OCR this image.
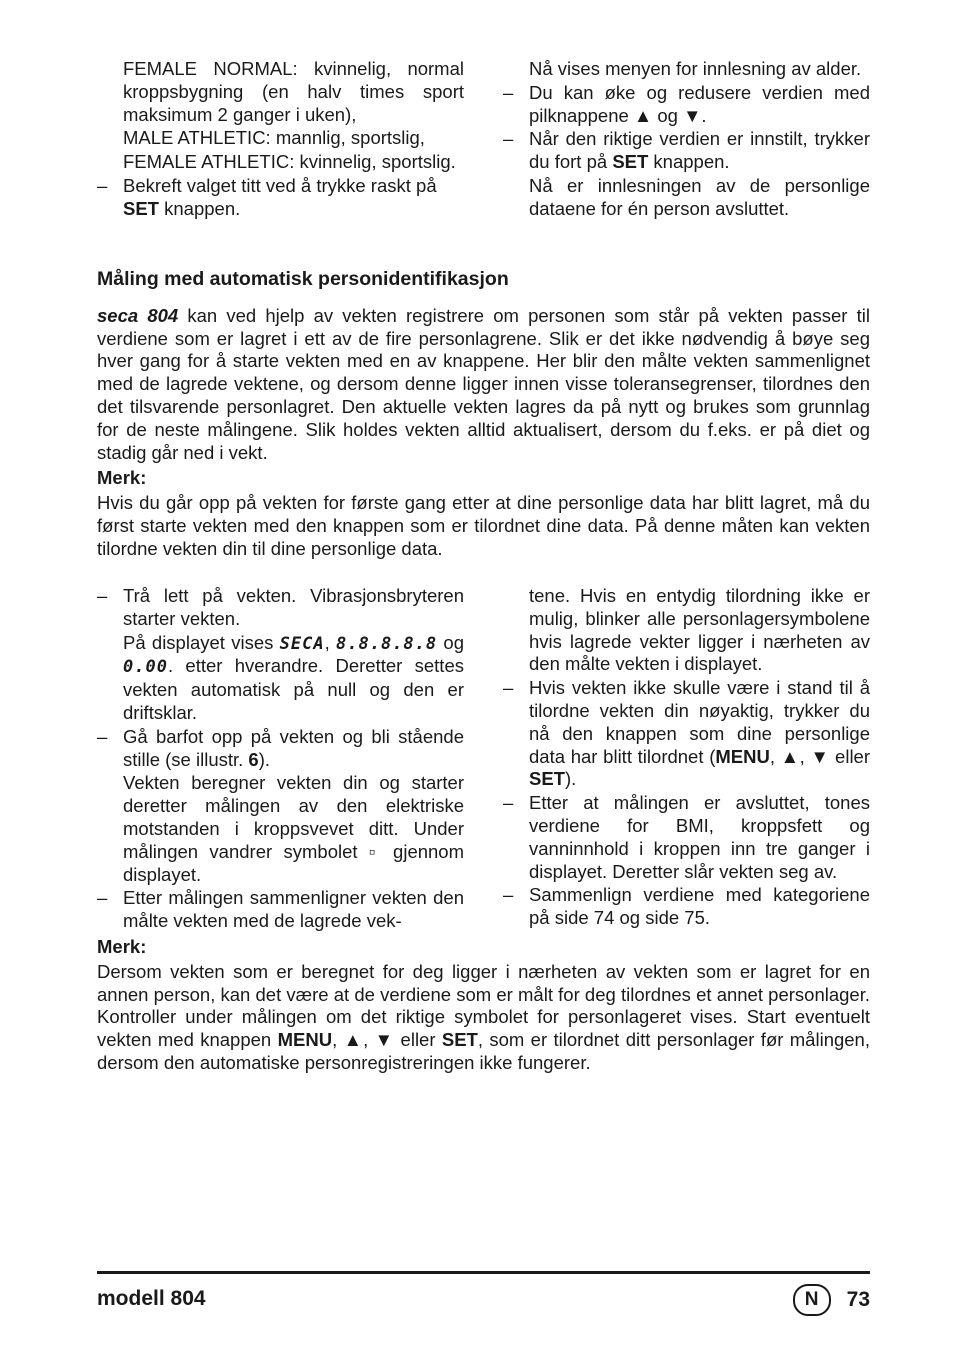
FEMALE NORMAL: kvinnelig, normal kroppsbygning (en halv times sport maksimum 2 ganger i uken),
MALE ATHLETIC: mannlig, sportslig,
FEMALE ATHLETIC: kvinnelig, sportslig.
– Bekreft valget titt ved å trykke raskt på SET knappen.
Nå vises menyen for innlesning av alder.
– Du kan øke og redusere verdien med pilknappene ▲ og ▼.
– Når den riktige verdien er innstilt, trykker du fort på SET knappen.
Nå er innlesningen av de personlige dataene for én person avsluttet.
Måling med automatisk personidentifikasjon
seca 804 kan ved hjelp av vekten registrere om personen som står på vekten passer til verdiene som er lagret i ett av de fire personlagrene. Slik er det ikke nødvendig å bøye seg hver gang for å starte vekten med en av knappene. Her blir den målte vekten sammenlignet med de lagrede vektene, og dersom denne ligger innen visse toleransegrenser, tilordnes den det tilsvarende personlagret. Den aktuelle vekten lagres da på nytt og brukes som grunnlag for de neste målingene. Slik holdes vekten alltid aktualisert, dersom du f.eks. er på diet og stadig går ned i vekt.
Merk:
Hvis du går opp på vekten for første gang etter at dine personlige data har blitt lagret, må du først starte vekten med den knappen som er tilordnet dine data. På denne måten kan vekten tilordne vekten din til dine personlige data.
– Trå lett på vekten. Vibrasjonsbryteren starter vekten.
På displayet vises SECA, 8.8.8.8.8 og 0.00. etter hverandre. Deretter settes vekten automatisk på null og den er driftsklar.
– Gå barfot opp på vekten og bli stående stille (se illustr. 6).
Vekten beregner vekten din og starter deretter målingen av den elektriske motstanden i kroppsvevet ditt. Under målingen vandrer symbolet ▫ gjennom displayet.
– Etter målingen sammenligner vekten den målte vekten med de lagrede vek-
tene. Hvis en entydig tilordning ikke er mulig, blinker alle personlagersymbolene hvis lagrede vekter ligger i nærheten av den målte vekten i displayet.
– Hvis vekten ikke skulle være i stand til å tilordne vekten din nøyaktig, trykker du nå den knappen som dine personlige data har blitt tilordnet (MENU, ▲, ▼ eller SET).
– Etter at målingen er avsluttet, tones verdiene for BMI, kroppsfett og vanninnhold i kroppen inn tre ganger i displayet. Deretter slår vekten seg av.
– Sammenlign verdiene med kategoriene på side 74 og side 75.
Merk:
Dersom vekten som er beregnet for deg ligger i nærheten av vekten som er lagret for en annen person, kan det være at de verdiene som er målt for deg tilordnes et annet personlager. Kontroller under målingen om det riktige symbolet for personlageret vises. Start eventuelt vekten med knappen MENU, ▲, ▼ eller SET, som er tilordnet ditt personlager før målingen, dersom den automatiske personregistreringen ikke fungerer.
modell 804	N	73
